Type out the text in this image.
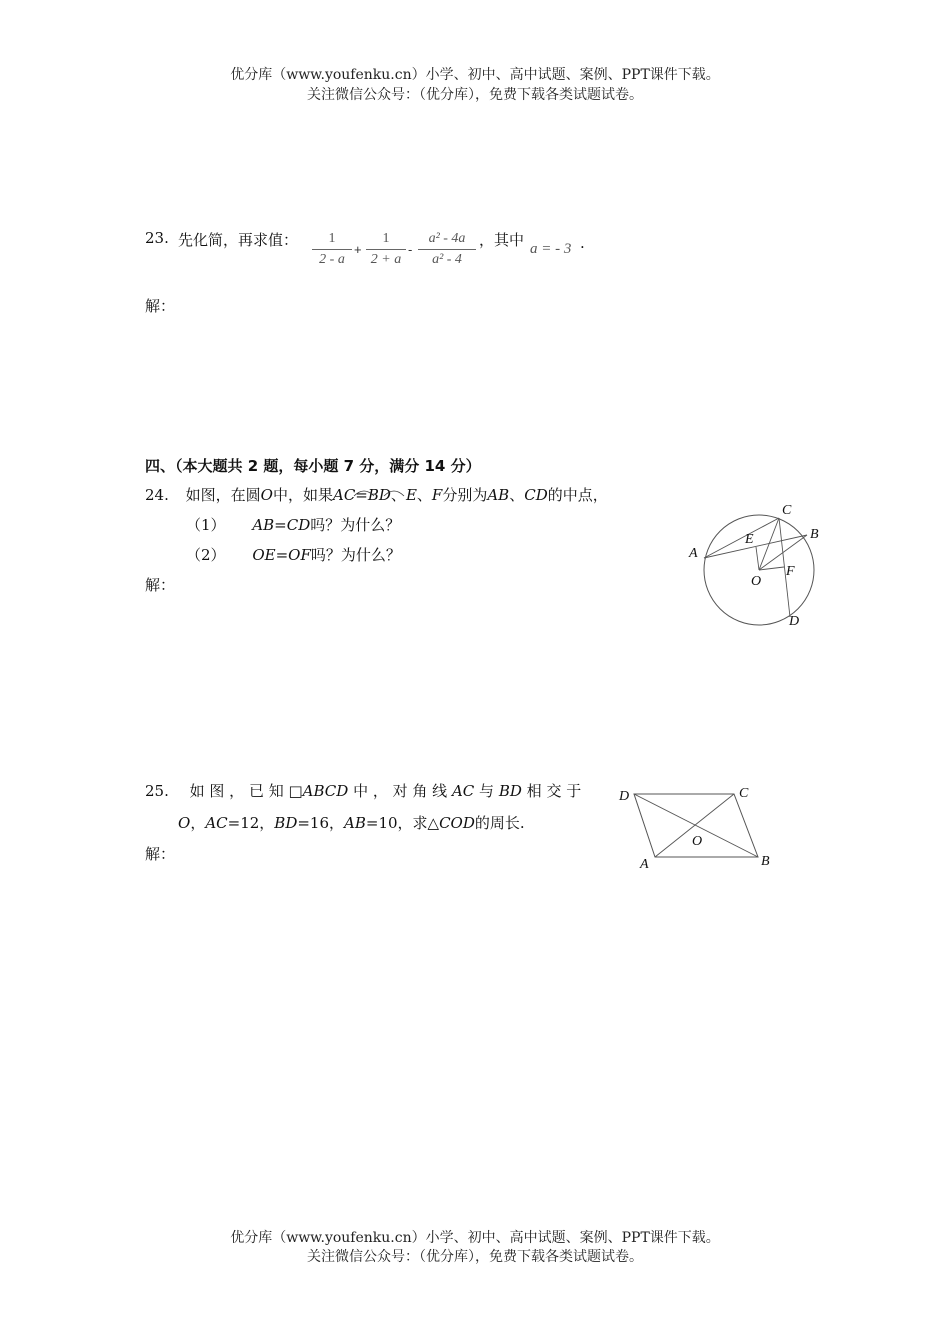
优分库（www.youfenku.cn）小学、初中、高中试题、案例、PPT课件下载。
关注微信公众号：（优分库），免费下载各类试题试卷。
23. 先化简，再求值：	1
2 - a
+
1
2 + a
-
a² - 4a
a² - 4
，其中 a = - 3 .
解：
四、（本大题共 2 题，每小题 7 分，满分 14 分）
24. 如图，在圆O中，如果AC=BD、E、F分别为AB、CD的中点，
（1） AB=CD吗？为什么？
（2） OE=OF吗？为什么？
解：
A
B
C
D
E
F
O
25. 如 图 ， 已 知 □ABCD 中 ， 对 角 线 AC 与 BD 相 交 于
O，AC=12，BD=16，AB=10，求△COD的周长.
解：
D	C
A	B
O
优分库（www.youfenku.cn）小学、初中、高中试题、案例、PPT课件下载。
关注微信公众号：（优分库），免费下载各类试题试卷。
